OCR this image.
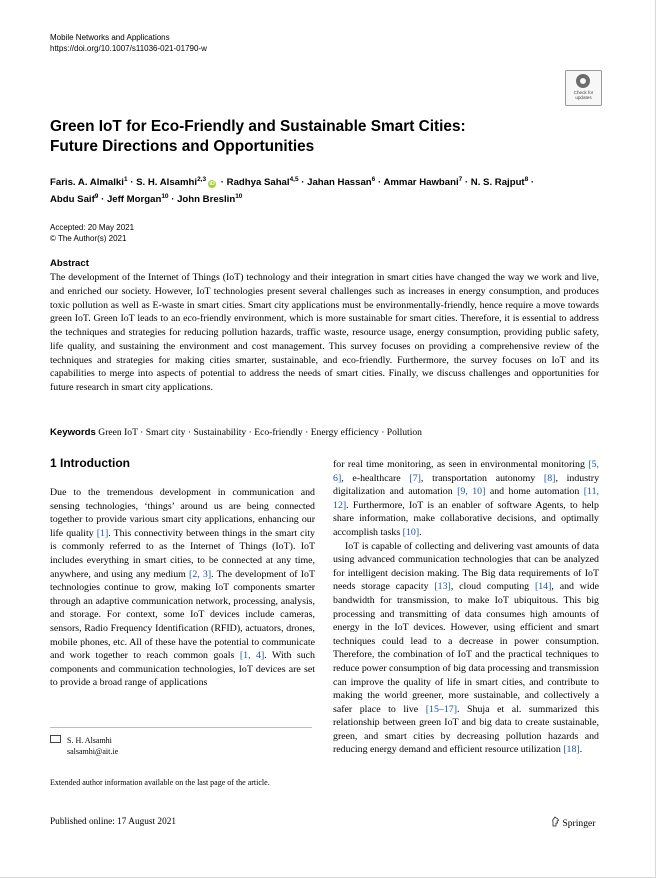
Mobile Networks and Applications
https://doi.org/10.1007/s11036-021-01790-w
Check for updates
Green IoT for Eco-Friendly and Sustainable Smart Cities:
Future Directions and Opportunities
Faris. A. Almalki$^1$ · S. H. Alsamhi$^{2,3}$iD · Radhya Sahal$^{4,5}$ · Jahan Hassan$^6$ · Ammar Hawbani$^7$ · N. S. Rajput$^8$ ·
Abdu Saif$^9$ · Jeff Morgan$^{10}$ · John Breslin$^{10}$
Accepted: 20 May 2021
© The Author(s) 2021
Abstract
The development of the Internet of Things (IoT) technology and their integration in smart cities have changed the way we work and live, and enriched our society. However, IoT technologies present several challenges such as increases in energy consumption, and produces toxic pollution as well as E-waste in smart cities. Smart city applications must be environmentally-friendly, hence require a move towards green IoT. Green IoT leads to an eco-friendly environment, which is more sustainable for smart cities. Therefore, it is essential to address the techniques and strategies for reducing pollution hazards, traffic waste, resource usage, energy consumption, providing public safety, life quality, and sustaining the environment and cost management. This survey focuses on providing a comprehensive review of the techniques and strategies for making cities smarter, sustainable, and eco-friendly. Furthermore, the survey focuses on IoT and its capabilities to merge into aspects of potential to address the needs of smart cities. Finally, we discuss challenges and opportunities for future research in smart city applications.
Keywords Green IoT · Smart city · Sustainability · Eco-friendly · Energy efficiency · Pollution
1 Introduction

Due to the tremendous development in communication and sensing technologies, ‘things’ around us are being connected together to provide various smart city applications, enhancing our life quality [1]. This connectivity between things in the smart city is commonly referred to as the Internet of Things (IoT). IoT includes everything in smart cities, to be connected at any time, anywhere, and using any medium [2, 3]. The development of IoT technologies continue to grow, making IoT components smarter through an adaptive communication network, processing, analysis, and storage. For context, some IoT devices include cameras, sensors, Radio Frequency Identification (RFID), actuators, drones, mobile phones, etc. All of these have the potential to communicate and work together to reach common goals [1, 4]. With such components and communication technologies, IoT devices are set to provide a broad range of applications

for real time monitoring, as seen in environmental monitoring [5, 6], e-healthcare [7], transportation autonomy [8], industry digitalization and automation [9, 10] and home automation [11, 12]. Furthermore, IoT is an enabler of software Agents, to help share information, make collaborative decisions, and optimally accomplish tasks [10].

IoT is capable of collecting and delivering vast amounts of data using advanced communication technologies that can be analyzed for intelligent decision making. The Big data requirements of IoT needs storage capacity [13], cloud computing [14], and wide bandwidth for transmission, to make IoT ubiquitous. This big processing and transmitting of data consumes high amounts of energy in the IoT devices. However, using efficient and smart techniques could lead to a decrease in power consumption. Therefore, the combination of IoT and the practical techniques to reduce power consumption of big data processing and transmission can improve the quality of life in smart cities, and contribute to making the world greener, more sustainable, and collectively a safer place to live [15–17]. Shuja et al. summarized this relationship between green IoT and big data to create sustainable, green, and smart cities by decreasing pollution hazards and reducing energy demand and efficient resource utilization [18].

S. H. Alsamhi
salsamhi@ait.ie
Extended author information available on the last page of the article.
Published online: 17 August 2021	Springer
